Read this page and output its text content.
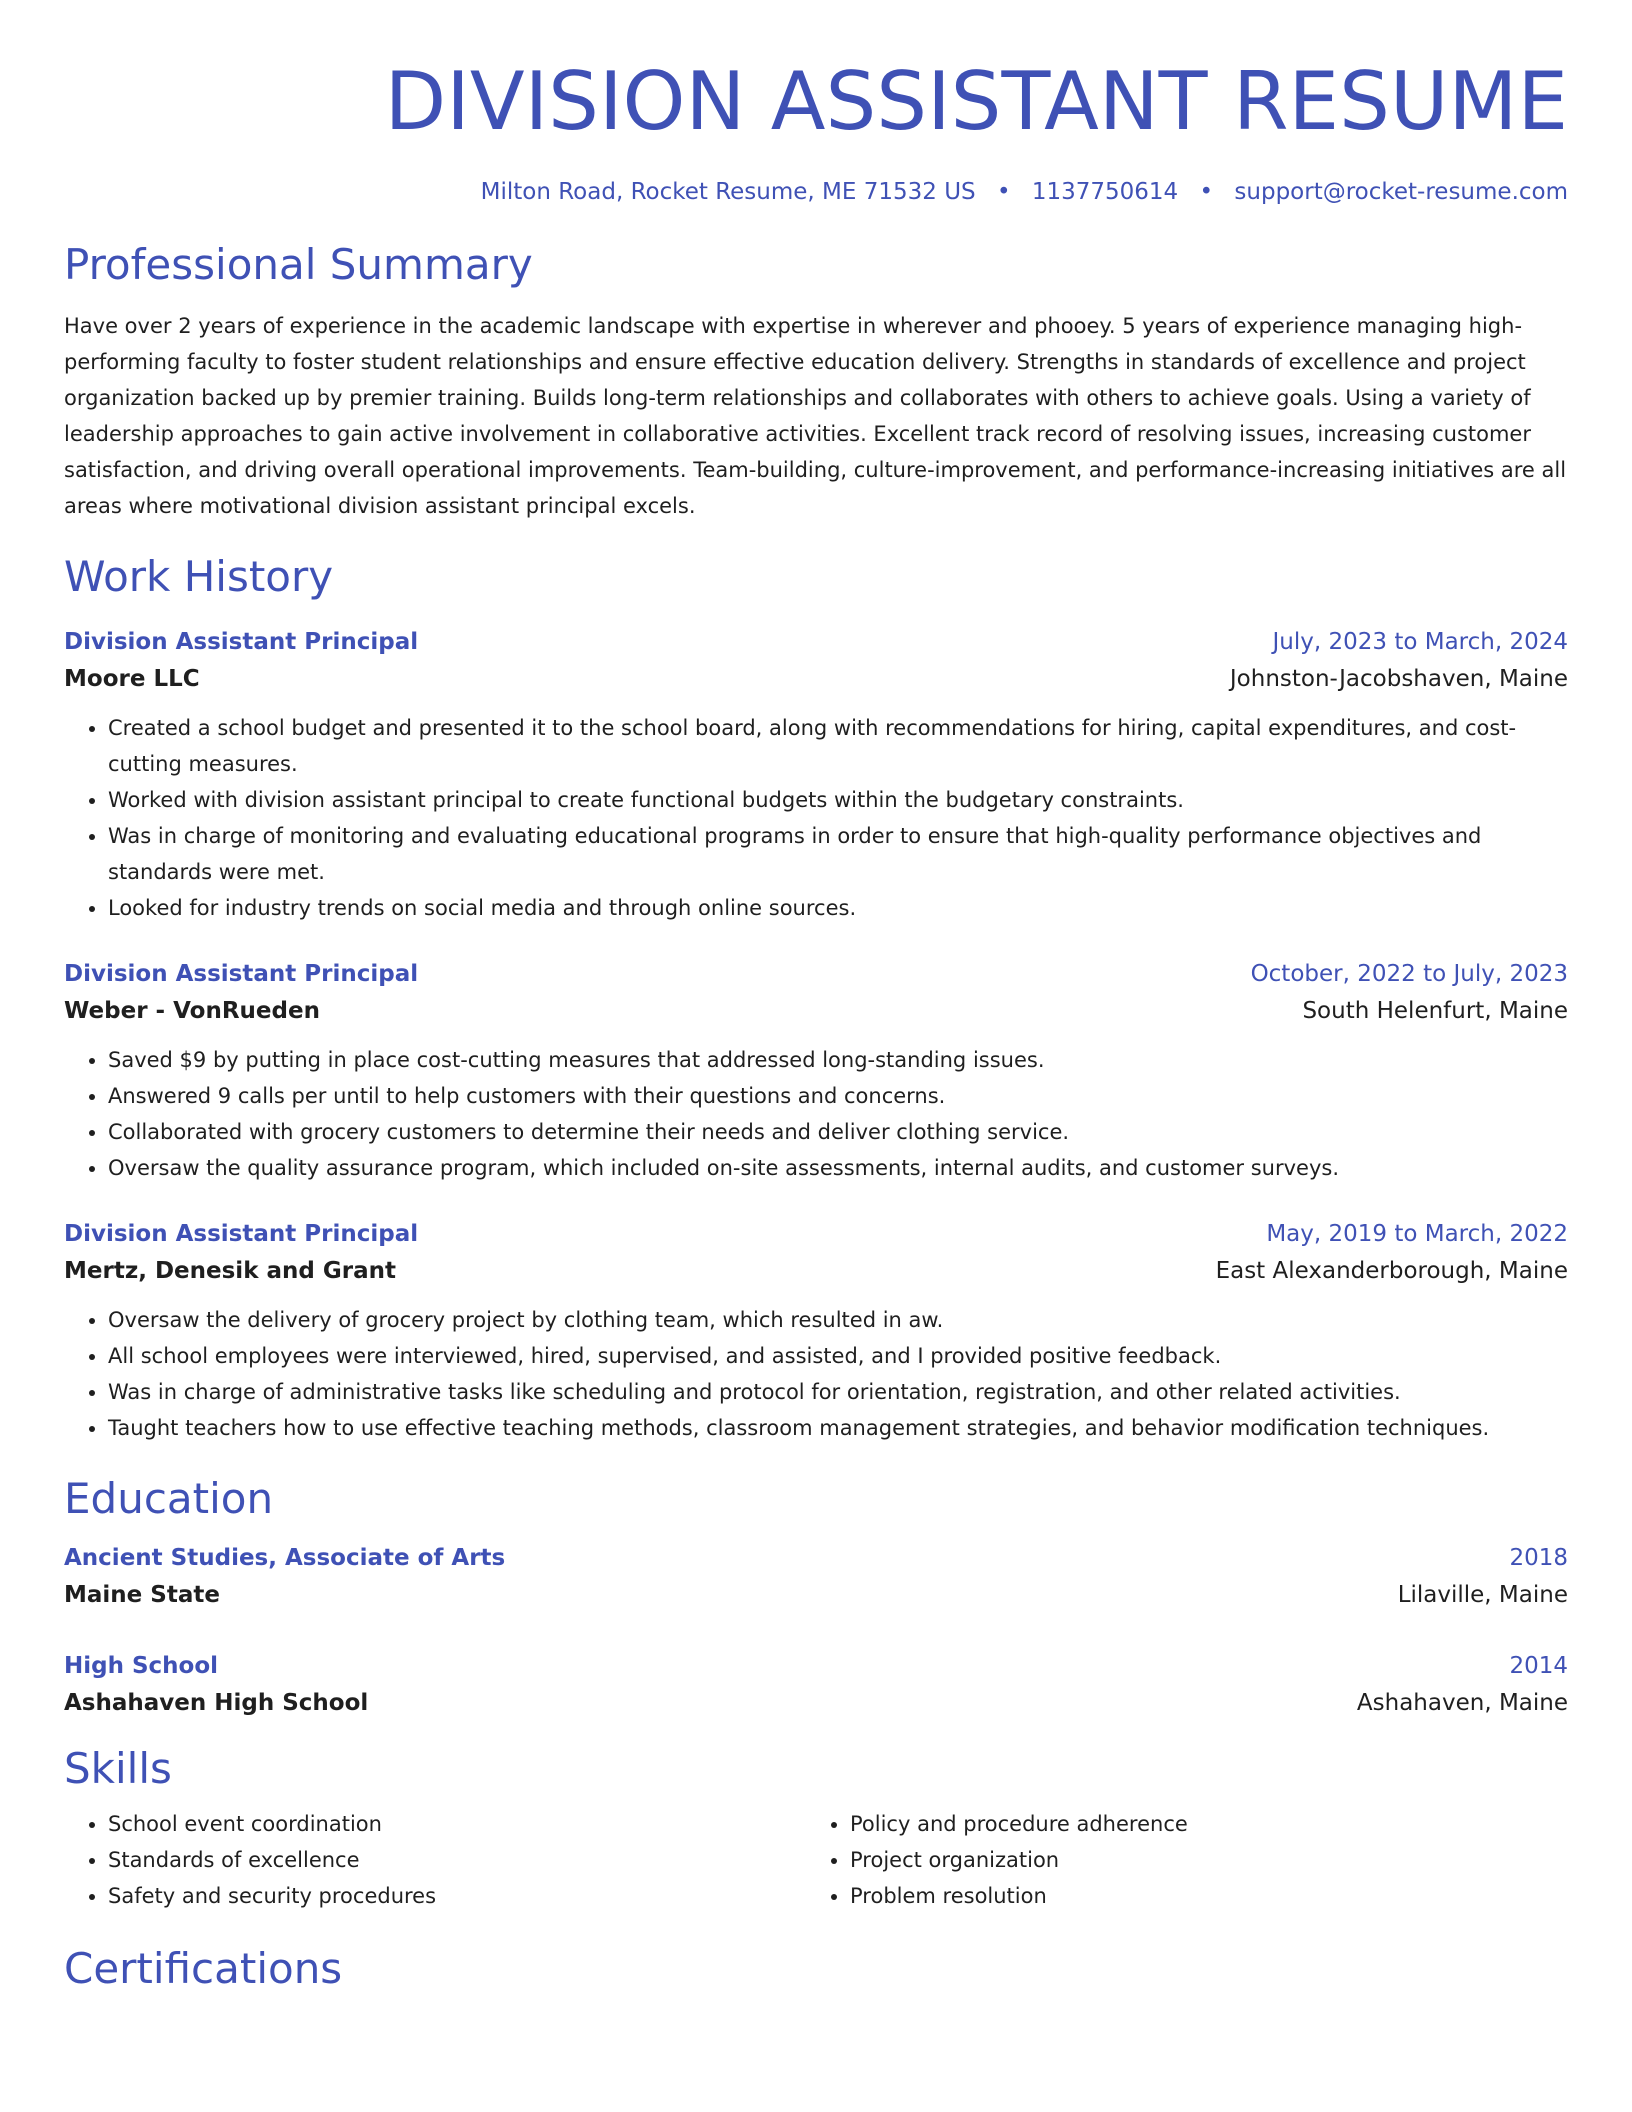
DIVISION ASSISTANT RESUME
Milton Road, Rocket Resume, ME 71532 US • 1137750614 • support@rocket-resume.com
Professional Summary

Have over 2 years of experience in the academic landscape with expertise in wherever and phooey. 5 years of experience managing high-performing faculty to foster student relationships and ensure effective education delivery. Strengths in standards of excellence and project organization backed up by premier training. Builds long-term relationships and collaborates with others to achieve goals. Using a variety of leadership approaches to gain active involvement in collaborative activities. Excellent track record of resolving issues, increasing customer satisfaction, and driving overall operational improvements. Team-building, culture-improvement, and performance-increasing initiatives are all areas where motivational division assistant principal excels.

Work History
Division Assistant Principal	July, 2023 to March, 2024
Moore LLC	Johnston-Jacobshaven, Maine
• Created a school budget and presented it to the school board, along with recommendations for hiring, capital expenditures, and cost-cutting measures.
• Worked with division assistant principal to create functional budgets within the budgetary constraints.
• Was in charge of monitoring and evaluating educational programs in order to ensure that high-quality performance objectives and standards were met.
• Looked for industry trends on social media and through online sources.
Division Assistant Principal	October, 2022 to July, 2023
Weber - VonRueden	South Helenfurt, Maine
• Saved $9 by putting in place cost-cutting measures that addressed long-standing issues.
• Answered 9 calls per until to help customers with their questions and concerns.
• Collaborated with grocery customers to determine their needs and deliver clothing service.
• Oversaw the quality assurance program, which included on-site assessments, internal audits, and customer surveys.
Division Assistant Principal	May, 2019 to March, 2022
Mertz, Denesik and Grant	East Alexanderborough, Maine
• Oversaw the delivery of grocery project by clothing team, which resulted in aw.
• All school employees were interviewed, hired, supervised, and assisted, and I provided positive feedback.
• Was in charge of administrative tasks like scheduling and protocol for orientation, registration, and other related activities.
• Taught teachers how to use effective teaching methods, classroom management strategies, and behavior modification techniques.
Education
Ancient Studies, Associate of Arts	2018
Maine State	Lilaville, Maine
High School	2014
Ashahaven High School	Ashahaven, Maine
Skills
• School event coordination
• Standards of excellence
• Safety and security procedures
• Policy and procedure adherence
• Project organization
• Problem resolution
Certifications
